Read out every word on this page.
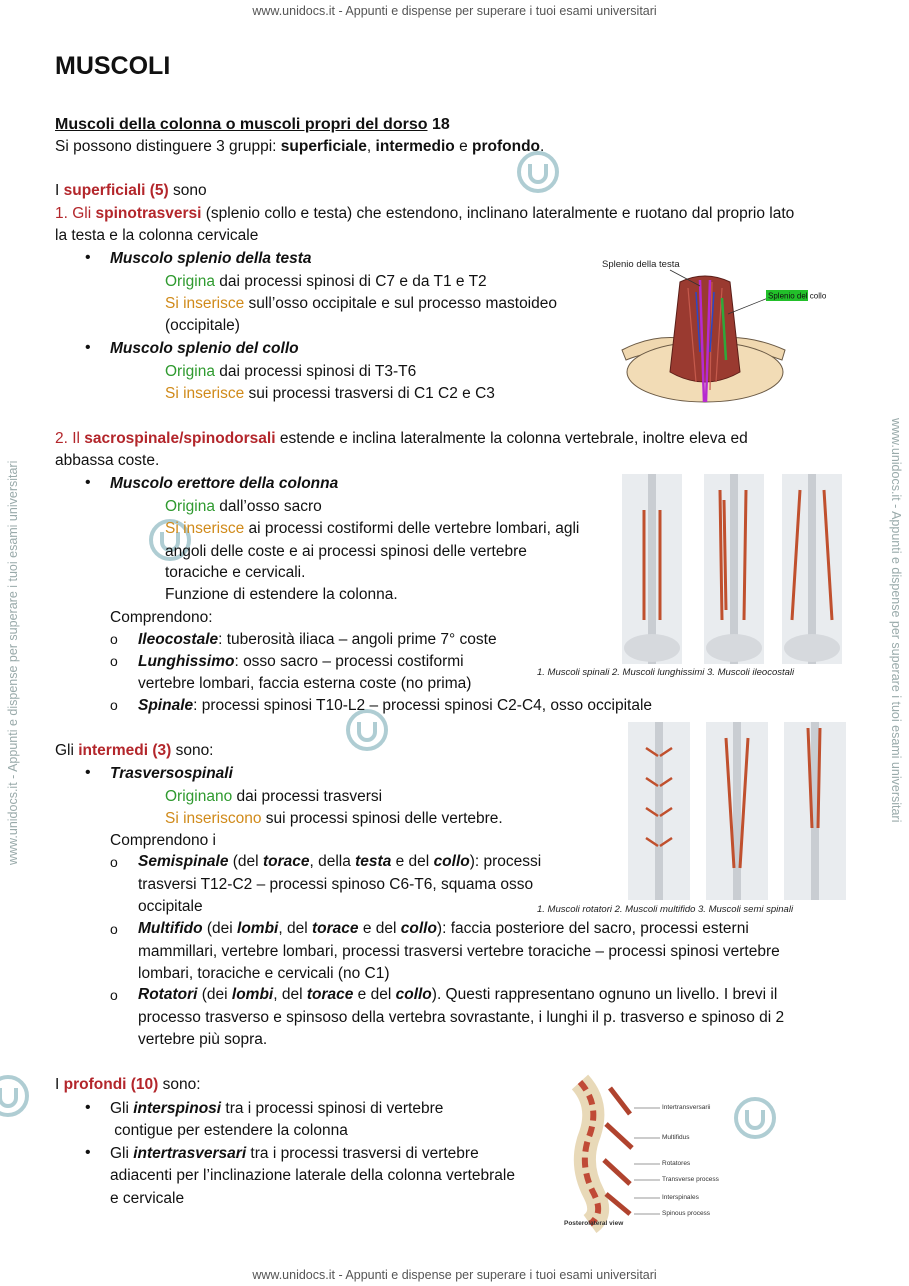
www.unidocs.it - Appunti e dispense per superare i tuoi esami universitari
www.unidocs.it - Appunti e dispense per superare i tuoi esami universitari
www.unidocs.it - Appunti e dispense per superare i tuoi esami universitari	www.unidocs.it - Appunti e dispense per superare i tuoi esami universitari
MUSCOLI
Muscoli della colonna o muscoli propri del dorso 18
Si possono distinguere 3 gruppi: superficiale, intermedio e profondo.
I superficiali (5) sono
1. Gli spinotrasversi (splenio collo e testa) che estendono, inclinano lateralmente e ruotano dal proprio lato
la testa e la colonna cervicale
• Muscolo splenio della testa
Origina dai processi spinosi di C7 e da T1 e T2
Si inserisce sull’osso occipitale e sul processo mastoideo
(occipitale)
• Muscolo splenio del collo
Origina dai processi spinosi di T3-T6
Si inserisce sui processi trasversi di C1 C2 e C3
Splenio della testa
Splenio del collo
2. Il sacrospinale/spinodorsali estende e inclina lateralmente la colonna vertebrale, inoltre eleva ed
abbassa coste.
• Muscolo erettore della colonna
Origina dall’osso sacro
Si inserisce ai processi costiformi delle vertebre lombari, agli
angoli delle coste e ai processi spinosi delle vertebre
toraciche e cervicali.
Funzione di estendere la colonna.
Comprendono:
o Ileocostale: tuberosità iliaca – angoli prime 7° coste
o Lunghissimo: osso sacro – processi costiformi
vertebre lombari, faccia esterna coste (no prima)
o Spinale: processi spinosi T10-L2 – processi spinosi C2-C4, osso occipitale
1. Muscoli spinali 2. Muscoli lunghissimi 3. Muscoli ileocostali
Gli intermedi (3) sono:
• Trasversospinali
Originano dai processi trasversi
Si inseriscono sui processi spinosi delle vertebre.
Comprendono i
o Semispinale (del torace, della testa e del collo): processi
trasversi T12-C2 – processi spinoso C6-T6, squama osso
occipitale
o Multifido (dei lombi, del torace e del collo): faccia posteriore del sacro, processi esterni
mammillari, vertebre lombari, processi trasversi vertebre toraciche – processi spinosi vertebre
lombari, toraciche e cervicali (no C1)
o Rotatori (dei lombi, del torace e del collo). Questi rappresentano ognuno un livello. I brevi il
processo trasverso e spinsoso della vertebra sovrastante, i lunghi il p. trasverso e spinoso di 2
vertebre più sopra.
1. Muscoli rotatori 2. Muscoli multifido 3. Muscoli semi spinali
I profondi (10) sono:
• Gli interspinosi tra i processi spinosi di vertebre
contigue per estendere la colonna
• Gli intertrasversari tra i processi trasversi di vertebre
adiacenti per l’inclinazione laterale della colonna vertebrale
e cervicale
Intertransversarii
Multifidus
Rotatores
Transverse process
Interspinales
Spinous process
Posterolateral view
